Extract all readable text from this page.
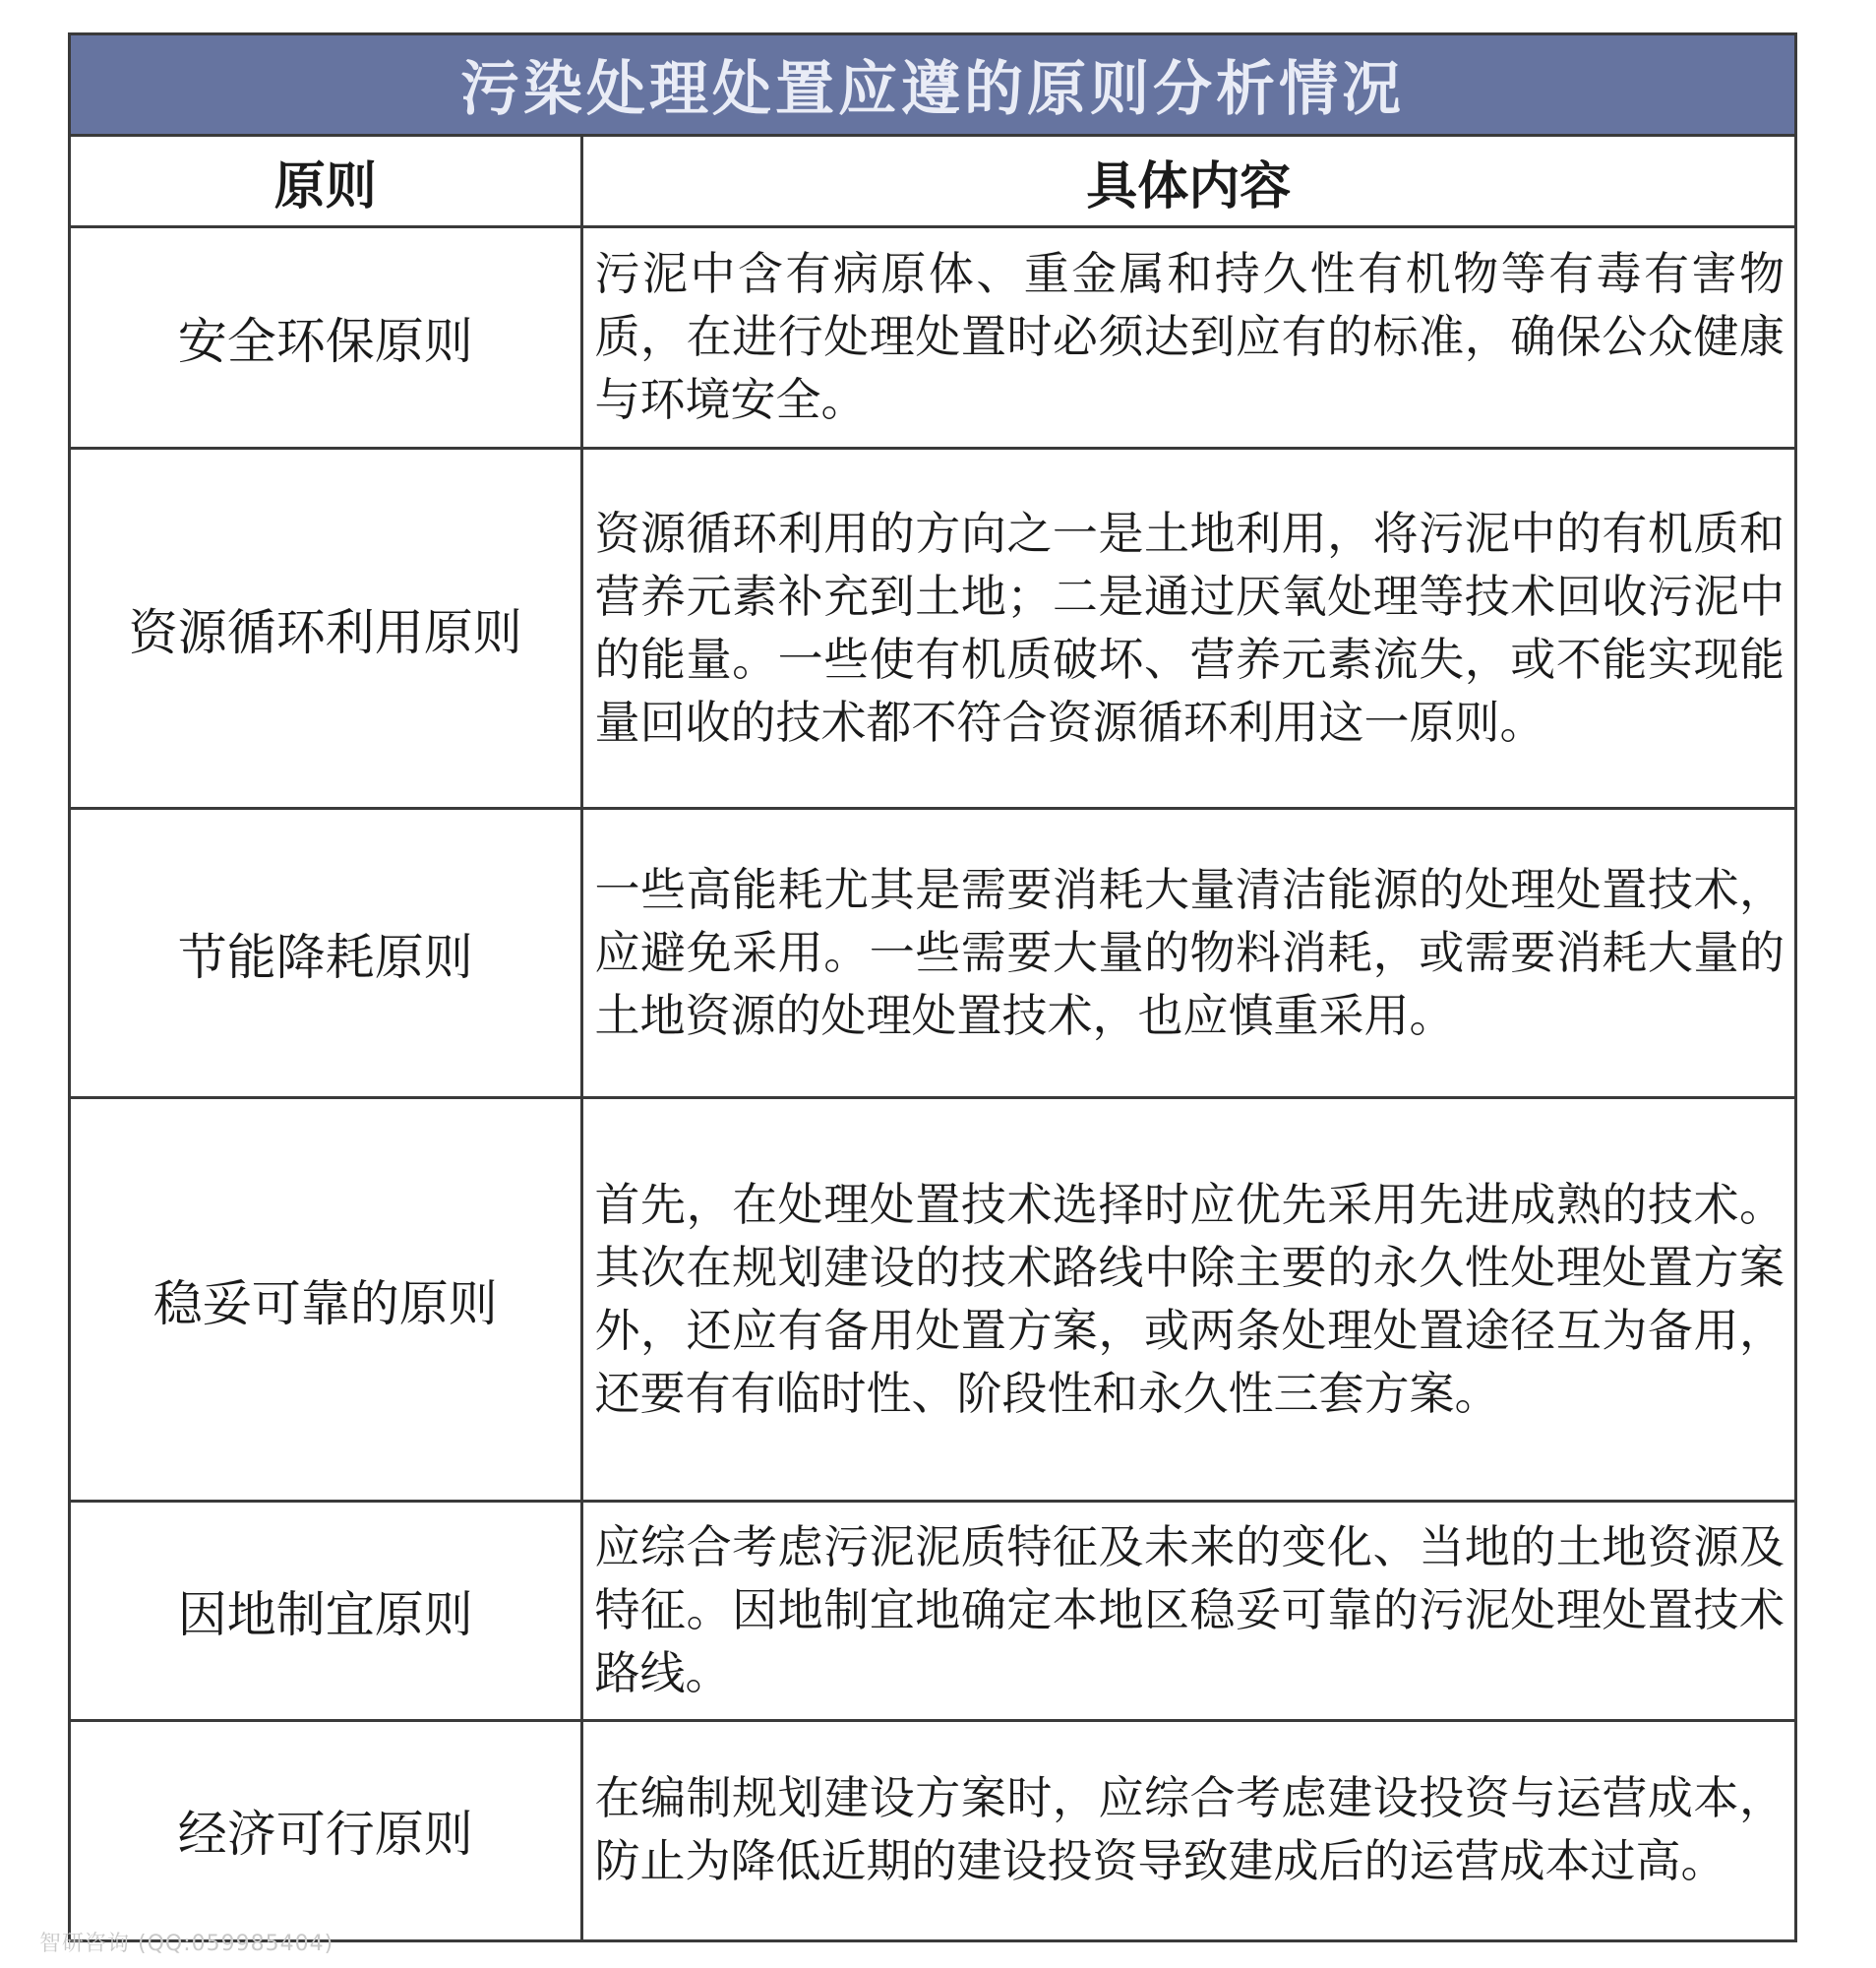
污染处理处置应遵的原则分析情况
原则	具体内容
安全环保原则	污泥中含有病原体、重金属和持久性有机物等有毒有害物质，在进行处理处置时必须达到应有的标准，确保公众健康与环境安全。
资源循环利用原则	资源循环利用的方向之一是土地利用，将污泥中的有机质和营养元素补充到土地；二是通过厌氧处理等技术回收污泥中的能量。一些使有机质破坏、营养元素流失，或不能实现能量回收的技术都不符合资源循环利用这一原则。
节能降耗原则	一些高能耗尤其是需要消耗大量清洁能源的处理处置技术，应避免采用。一些需要大量的物料消耗，或需要消耗大量的土地资源的处理处置技术，也应慎重采用。
稳妥可靠的原则	首先，在处理处置技术选择时应优先采用先进成熟的技术。其次在规划建设的技术路线中除主要的永久性处理处置方案外，还应有备用处置方案，或两条处理处置途径互为备用，还要有有临时性、阶段性和永久性三套方案。
因地制宜原则	应综合考虑污泥泥质特征及未来的变化、当地的土地资源及特征。因地制宜地确定本地区稳妥可靠的污泥处理处置技术路线。
经济可行原则	在编制规划建设方案时，应综合考虑建设投资与运营成本，防止为降低近期的建设投资导致建成后的运营成本过高。
智研咨询 (QQ:059985404)
